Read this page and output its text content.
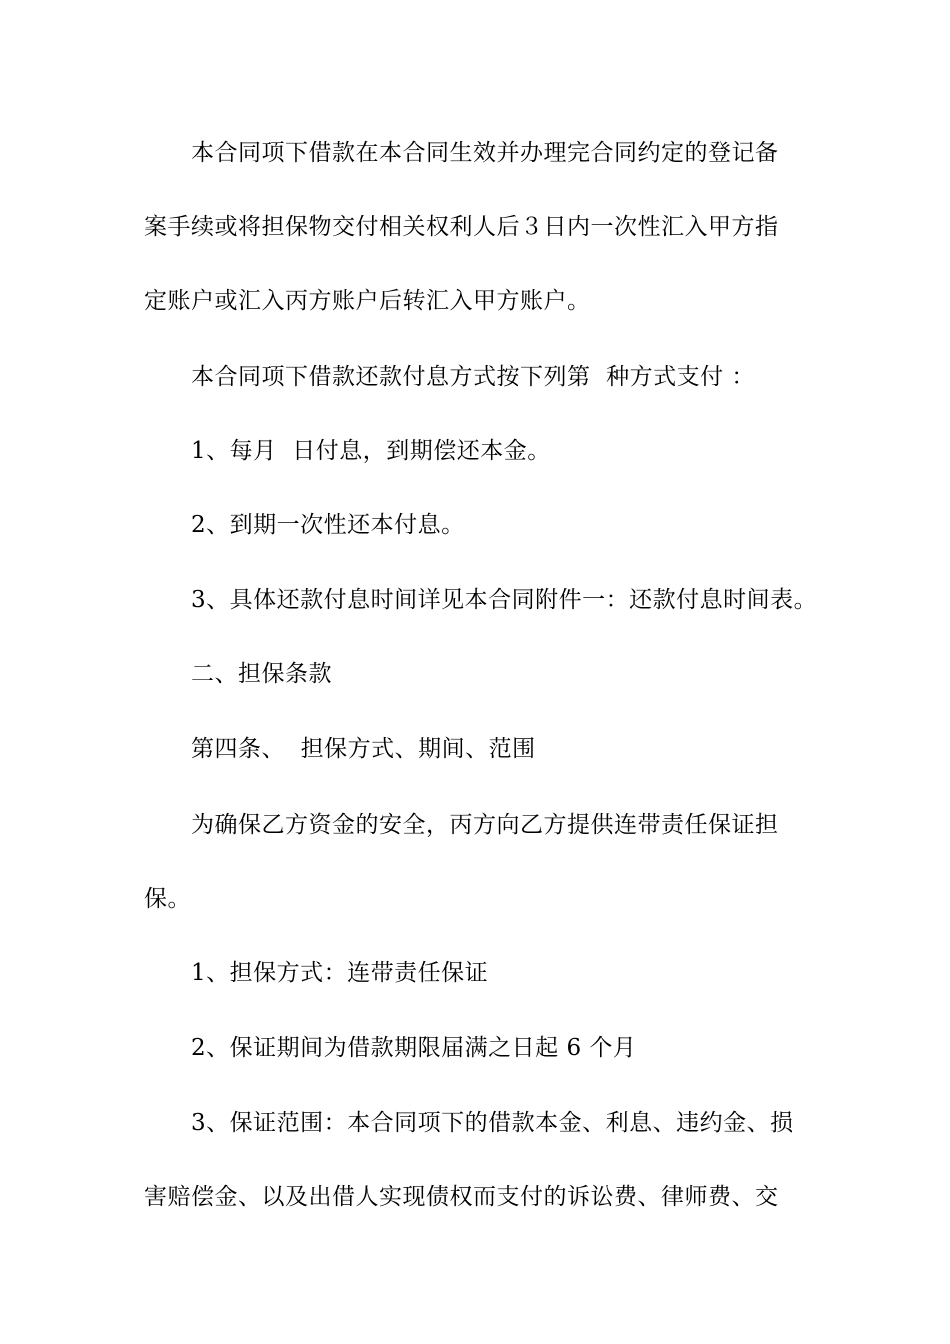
本合同项下借款在本合同生效并办理完合同约定的登记备
案手续或将担保物交付相关权利人后３日内一次性汇入甲方指
定账户或汇入丙方账户后转汇入甲方账户。
本合同项下借款还款付息方式按下列第  种方式支付 ：
1、每月  日付息，到期偿还本金。
2、到期一次性还本付息。
3、具体还款付息时间详见本合同附件一：还款付息时间表。
二、担保条款
第四条、  担保方式、期间、范围
为确保乙方资金的安全，丙方向乙方提供连带责任保证担
保。
1、担保方式：连带责任保证
2、保证期间为借款期限届满之日起 6 个月
3、保证范围：本合同项下的借款本金、利息、违约金、损
害赔偿金、以及出借人实现债权而支付的诉讼费、律师费、交
